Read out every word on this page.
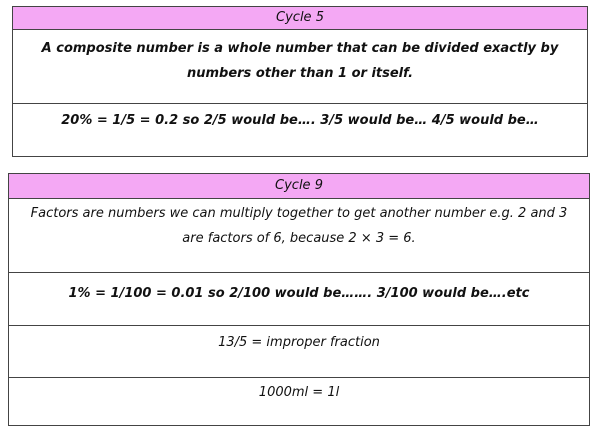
Cycle 5
A composite number is a whole number that can be divided exactly by numbers other than 1 or itself.
20% = 1/5 = 0.2 so 2/5 would be…. 3/5 would be… 4/5 would be…
Cycle 9
Factors are numbers we can multiply together to get another number e.g. 2 and 3 are factors of 6, because 2 × 3 = 6.
1% = 1/100 = 0.01 so 2/100 would be……. 3/100 would be….etc
13/5 = improper fraction
1000ml = 1l
